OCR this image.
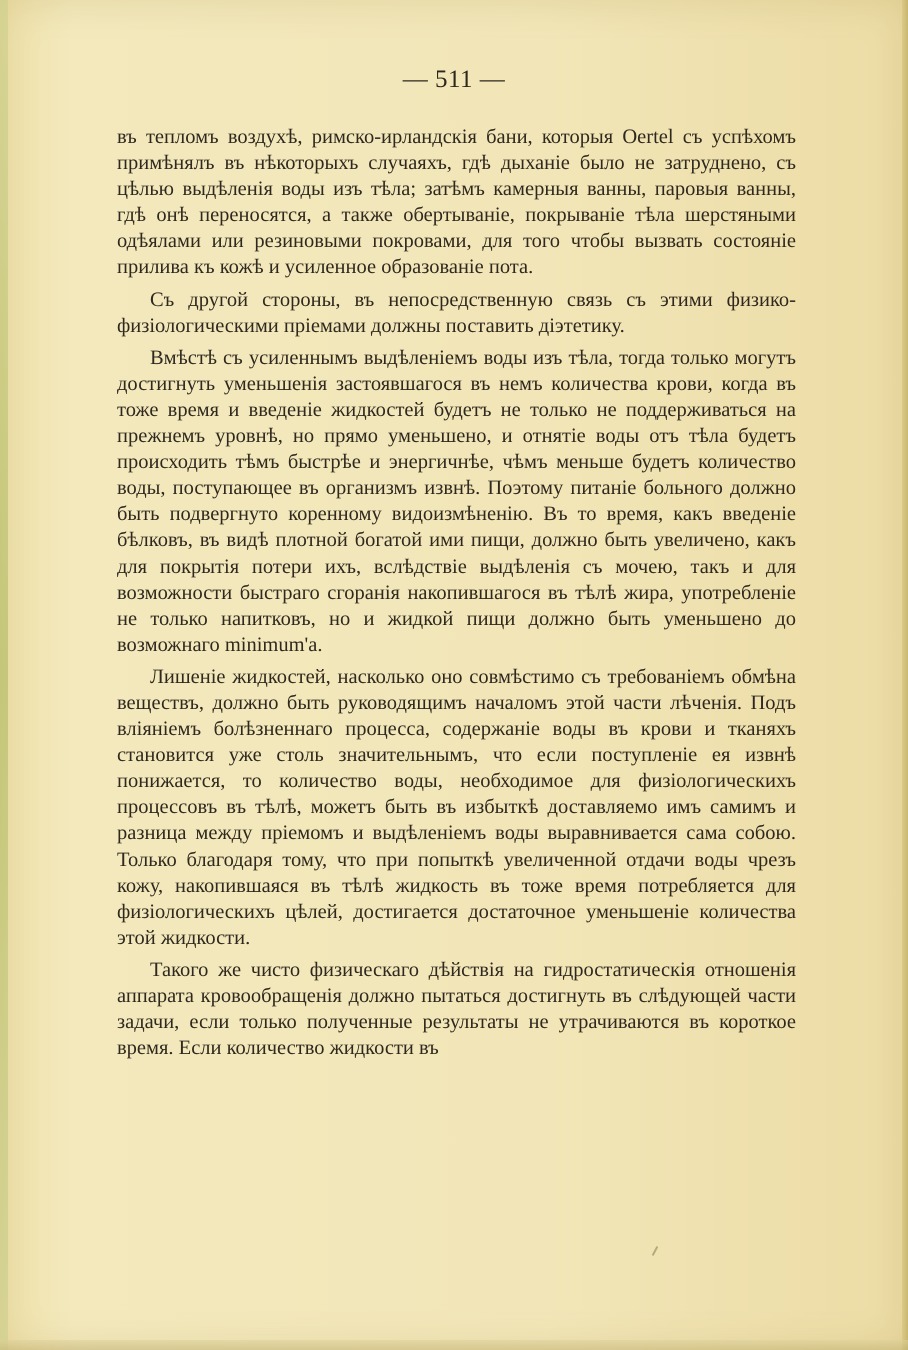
— 511 —

въ тепломъ воздухѣ, римско-ирландскія бани, которыя Oertel съ успѣхомъ примѣнялъ въ нѣкоторыхъ случаяхъ, гдѣ дыханіе было не затруднено, съ цѣлью выдѣленія воды изъ тѣла; затѣмъ камерныя ванны, паровыя ванны, гдѣ онѣ переносятся, а также обертываніе, покрываніе тѣла шерстяными одѣялами или резиновыми покровами, для того чтобы вызвать состояніе прилива къ кожѣ и усиленное образованіе пота.

Съ другой стороны, въ непосредственную связь съ этими физико-физіологическими пріемами должны поставить діэтетику.

Вмѣстѣ съ усиленнымъ выдѣленіемъ воды изъ тѣла, тогда только могутъ достигнуть уменьшенія застоявшагося въ немъ количества крови, когда въ тоже время и введеніе жидкостей будетъ не только не поддерживаться на прежнемъ уровнѣ, но прямо уменьшено, и отнятіе воды отъ тѣла будетъ происходить тѣмъ быстрѣе и энергичнѣе, чѣмъ меньше будетъ количество воды, поступающее въ организмъ извнѣ. Поэтому питаніе больного должно быть подвергнуто коренному видоизмѣненію. Въ то время, какъ введеніе бѣлковъ, въ видѣ плотной богатой ими пищи, должно быть увеличено, какъ для покрытія потери ихъ, вслѣдствіе выдѣленія съ мочею, такъ и для возможности быстраго сгоранія накопившагося въ тѣлѣ жира, употребленіе не только напитковъ, но и жидкой пищи должно быть уменьшено до возможнаго minimum'a.

Лишеніе жидкостей, насколько оно совмѣстимо съ требованіемъ обмѣна веществъ, должно быть руководящимъ началомъ этой части лѣченія. Подъ вліяніемъ болѣзненнаго процесса, содержаніе воды въ крови и тканяхъ становится уже столь значительнымъ, что если поступленіе ея извнѣ понижается, то количество воды, необходимое для физіологическихъ процессовъ въ тѣлѣ, можетъ быть въ избыткѣ доставляемо имъ самимъ и разница между пріемомъ и выдѣленіемъ воды выравнивается сама собою. Только благодаря тому, что при попыткѣ увеличенной отдачи воды чрезъ кожу, накопившаяся въ тѣлѣ жидкость въ тоже время потребляется для физіологическихъ цѣлей, достигается достаточное уменьшеніе количества этой жидкости.

Такого же чисто физическаго дѣйствія на гидростатическія отношенія аппарата кровообращенія должно пытаться достигнуть въ слѣдующей части задачи, если только полученные результаты не утрачиваются въ короткое время. Если количество жидкости въ
